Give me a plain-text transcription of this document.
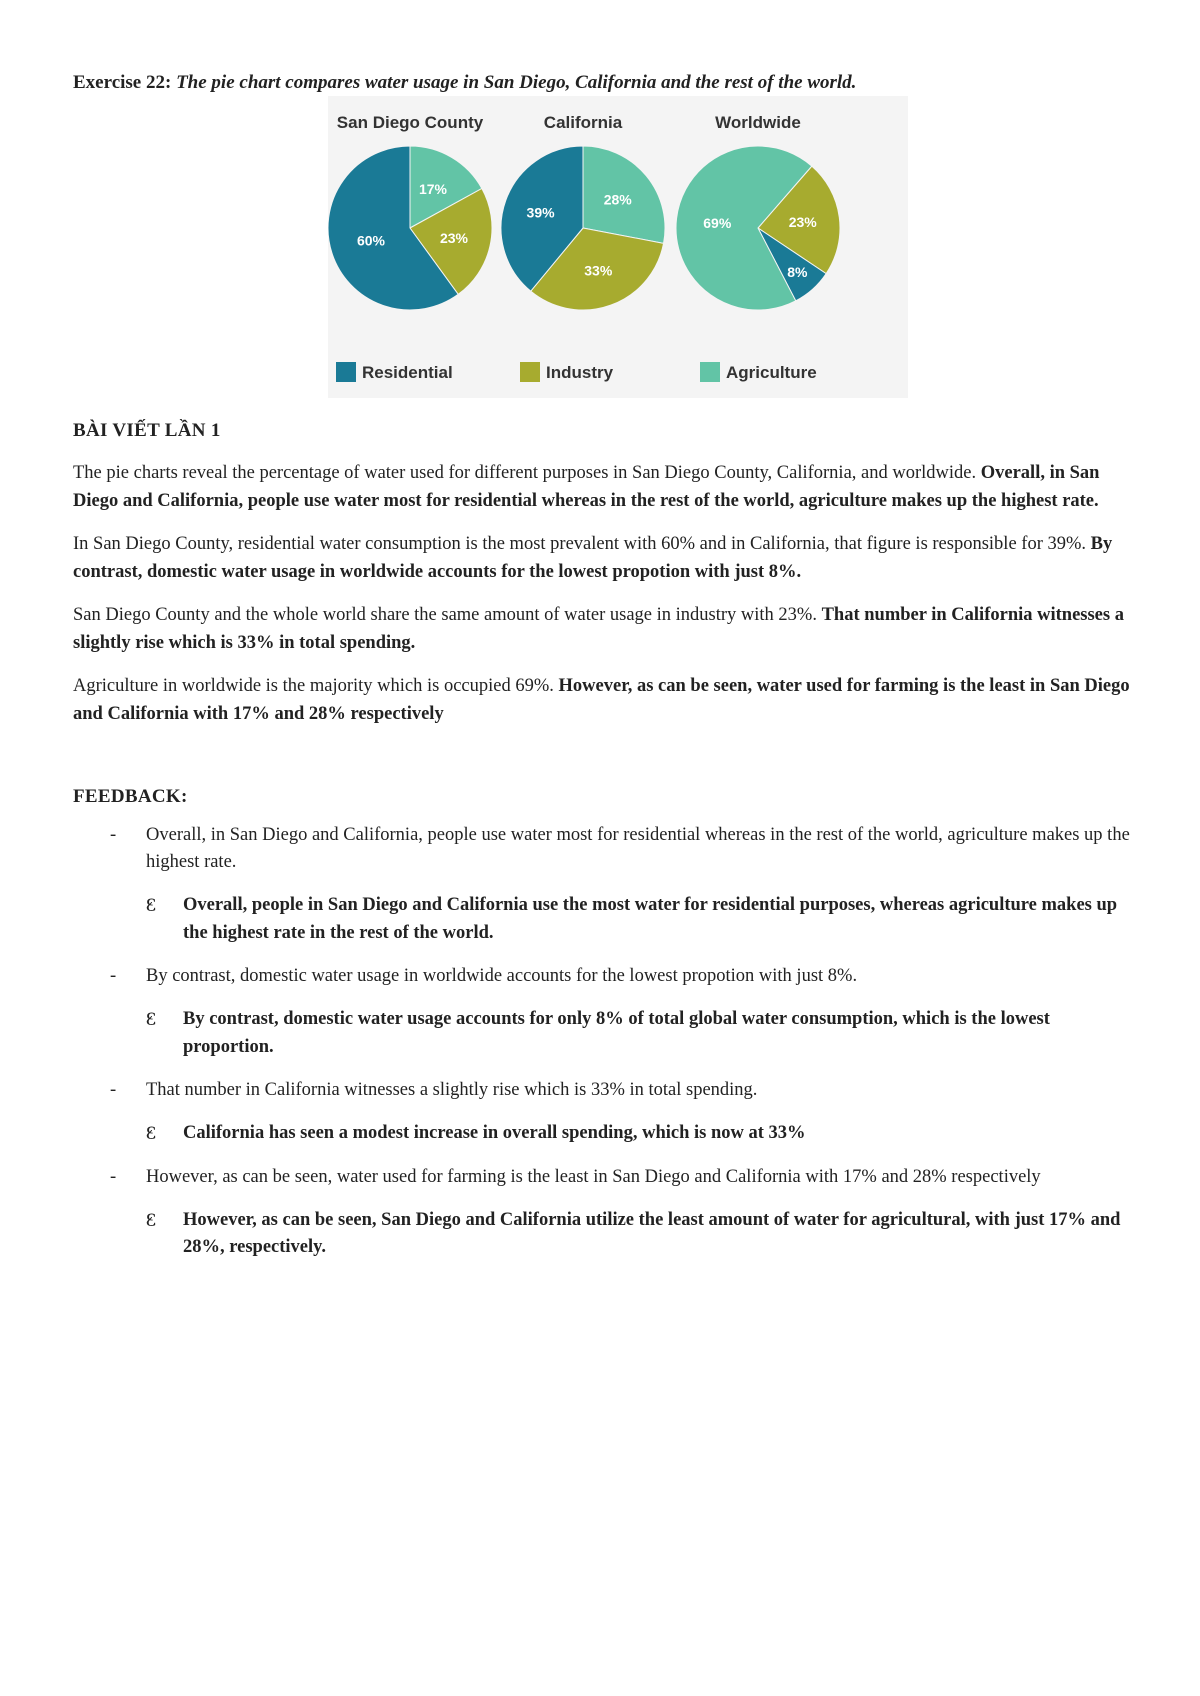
Exercise 22: The pie chart compares water usage in San Diego, California and the rest of the world.

San Diego County
17%
23%
60%
California
28%
33%
39%
Worldwide
23%
8%
69%
Residential	Industry	Agriculture
BÀI VIẾT LẦN 1

The pie charts reveal the percentage of water used for different purposes in San Diego County, California, and worldwide. Overall, in San Diego and California, people use water most for residential whereas in the rest of the world, agriculture makes up the highest rate.

In San Diego County, residential water consumption is the most prevalent with 60% and in California, that figure is responsible for 39%. By contrast, domestic water usage in worldwide accounts for the lowest propotion with just 8%.

San Diego County and the whole world share the same amount of water usage in industry with 23%. That number in California witnesses a slightly rise which is 33% in total spending.

Agriculture in worldwide is the majority which is occupied 69%. However, as can be seen, water used for farming is the least in San Diego and California with 17% and 28% respectively

FEEDBACK:
- Overall, in San Diego and California, people use water most for residential whereas in the rest of the world, agriculture makes up the highest rate.
Ꜫ Overall, people in San Diego and California use the most water for residential purposes, whereas agriculture makes up the highest rate in the rest of the world.
- By contrast, domestic water usage in worldwide accounts for the lowest propotion with just 8%.
Ꜫ By contrast, domestic water usage accounts for only 8% of total global water consumption, which is the lowest proportion.
- That number in California witnesses a slightly rise which is 33% in total spending.
Ꜫ California has seen a modest increase in overall spending, which is now at 33%
- However, as can be seen, water used for farming is the least in San Diego and California with 17% and 28% respectively
Ꜫ However, as can be seen, San Diego and California utilize the least amount of water for agricultural, with just 17% and 28%, respectively.
